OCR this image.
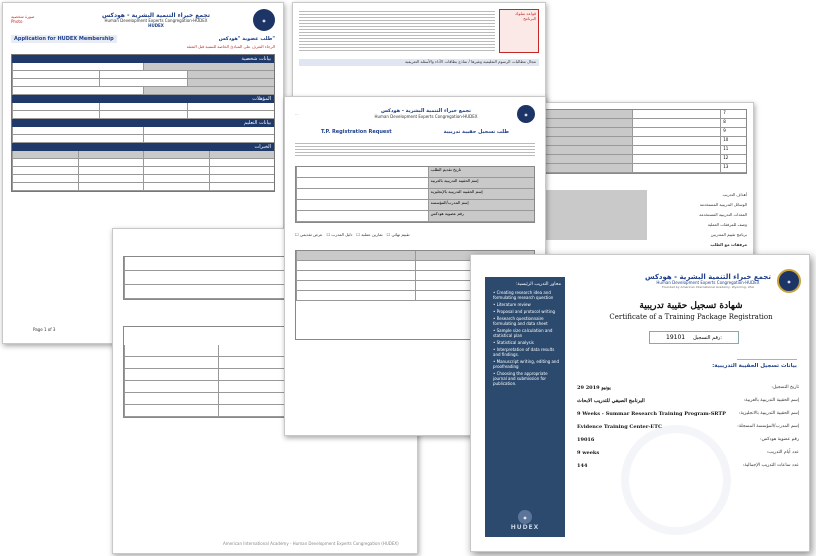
صورة شخصية
Photo
تجمع خبراء التنمية البشرية - هودكس
Human Development Experts Congregation-HUDEX
HUDEX
◉
Application for HUDEX Membership	طلب عضوية "هودكس"
الرجاء التعرف على المبادئ الخاصة للتنمية قبل التعبئة
بيانات شخصية
المؤهلات
بيانات التعليم
الخبرات
Page 1 of 3
قواعد سلوك البرنامج
مجال مطالبات الرسوم التعليمية وغيرها / نماذج بطاقات الأداء والأسئلة التعريفية
American International Academy - Human Development Experts Congregation (HUDEX)
7
8
9
10
11
12
13
أهداف التدريب
الوسائل التدريبية المستخدمة
المعدات التدريبية المستخدمة
وصف للمرفقات العملية
برنامج تقييم المتدربين
مرفقات مع الطلب
...	تجمع خبراء التنمية البشرية - هودكس
Human Development Experts Congregation-HUDEX	◉
T.P. Registration Request	طلب تسجيل حقيبة تدريبية
تاريخ تقديم الطلب
إسم الحقيبة التدريبية بالعربية
إسم الحقيبة التدريبية بالإنجليزية
إسم المدرب/المؤسسة
رقم عضوية هودكس
☐ عرض تقديمي ☐ دليل المدرب ☐ تمارين عملية ☐ تقييم نهائي
محاور التدريب الرئيسية:
• Creating research idea and formulating research question
• Literature review
• Proposal and protocol writing
• Research questionnaire formulating and data sheet
• Sample size calculation and statistical plan
• Statistical analysis
• Interpretation of data results and findings.
• Manuscript writing, editing and proofreading
• Choosing the appropriate journal and submission for publication.
◉
HUDEX
تجمع خبراء التنمية البشرية - هودكس
Human Development Experts Congregation-HUDEX
Founded by American International Academy, Wyoming, USA
◉
شهادة تسجيل حقيبة تدريبية
Certificate of a Training Package Registration
19101 رقم التسجيل:
بيانات تسجيل الحقيبة التدريبية:
29 يونيو 2019	تاريخ التسجيل:
البرنامج الصيفي للتدريب الابحاث	إسم الحقيبة التدريبية بالعربية:
9 Weeks - Summar Research Training Program-SRTP	إسم الحقيبة التدريبية بالانجليزية:
Evidence Training Center-ETC	إسم المدرب/المؤسسة المسجلة:
19016	رقم عضوية هودكس:
9 weeks	عدد أيام التدريب:
144	عدد ساعات التدريب الإجمالية:
